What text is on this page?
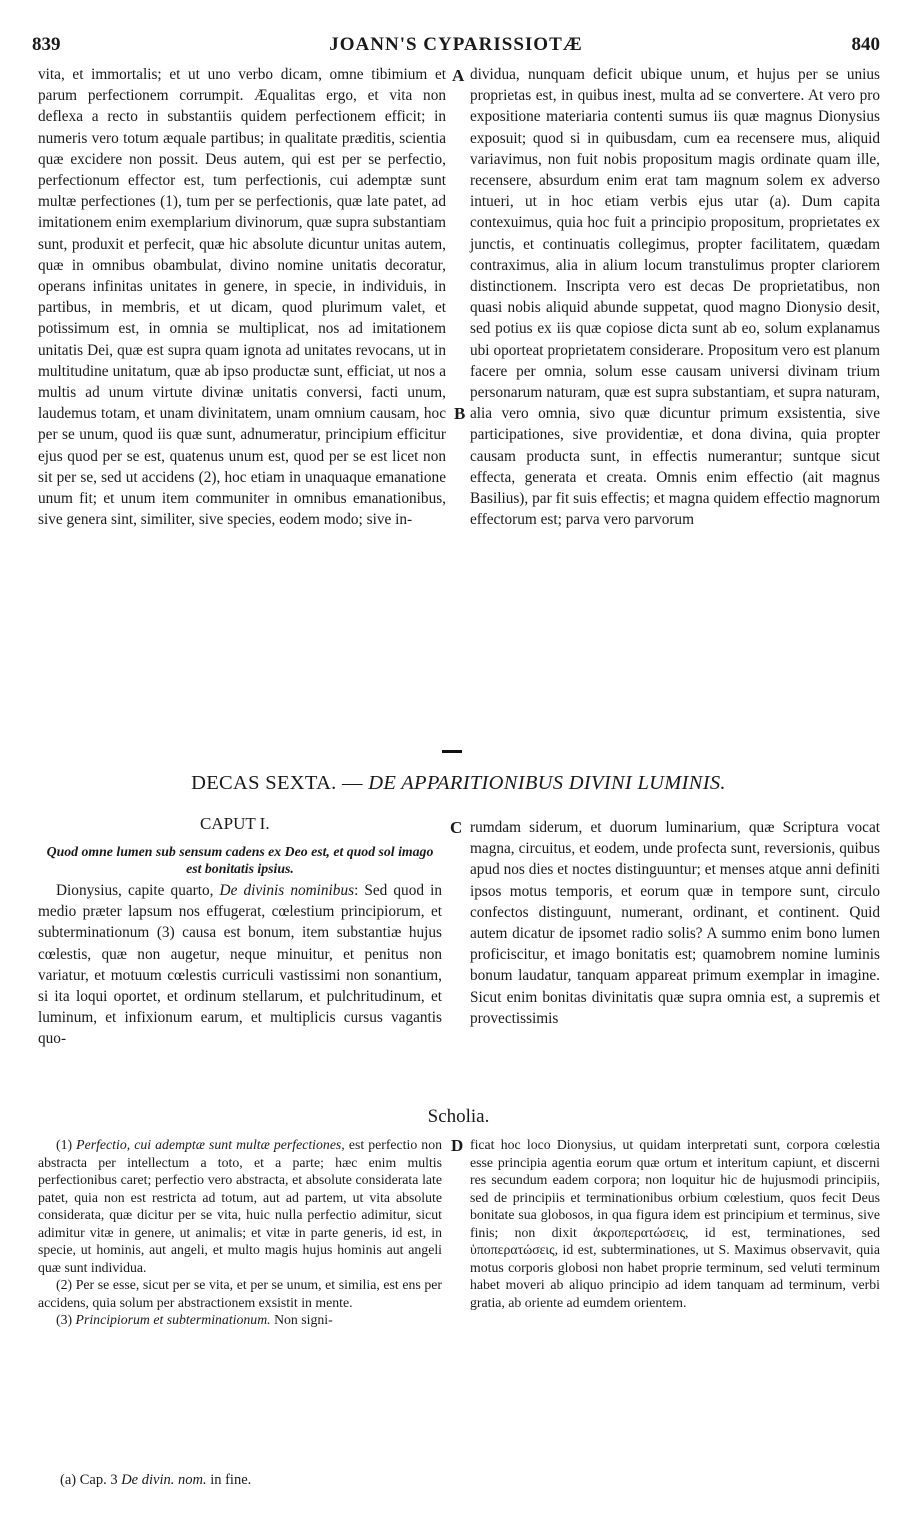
839	JOANN'S CYPARISSIOTÆ	840

vita, et immortalis; et ut uno verbo dicam, omne tibimium et parum perfectionem corrumpit. Æqualitas ergo, et vita non deflexa a recto in substantiis quidem perfectionem efficit; in numeris vero totum æquale partibus; in qualitate præditis, scientia quæ excidere non possit. Deus autem, qui est per se perfectio, perfectionum effector est, tum perfectionis, cui ademptæ sunt multæ perfectiones (1), tum per se perfectionis, quæ late patet, ad imitationem enim exemplarium divinorum, quæ supra substantiam sunt, produxit et perfecit, quæ hic absolute dicuntur unitas autem, quæ in omnibus obambulat, divino nomine unitatis decoratur, operans infinitas unitates in genere, in specie, in individuis, in partibus, in membris, et ut dicam, quod plurimum valet, et potissimum est, in omnia se multiplicat, nos ad imitationem unitatis Dei, quæ est supra quam ignota ad unitates revocans, ut in multitudine unitatum, quæ ab ipso productæ sunt, efficiat, ut nos a multis ad unum virtute divinæ unitatis conversi, facti unum, laudemus totam, et unam divinitatem, unam omnium causam, hoc per se unum, quod iis quæ sunt, adnumeratur, principium efficitur ejus quod per se est, quatenus unum est, quod per se est licet non sit per se, sed ut accidens (2), hoc etiam in unaquaque emanatione unum fit; et unum item communiter in omnibus emanationibus, sive genera sint, similiter, sive species, eodem modo; sive in-

A
B

dividua, nunquam deficit ubique unum, et hujus per se unius proprietas est, in quibus inest, multa ad se convertere. At vero pro expositione materiaria contenti sumus iis quæ magnus Dionysius exposuit; quod si in quibusdam, cum ea recensere mus, aliquid variavimus, non fuit nobis propositum magis ordinate quam ille, recensere, absurdum enim erat tam magnum solem ex adverso intueri, ut in hoc etiam verbis ejus utar (a). Dum capita contexuimus, quia hoc fuit a principio propositum, proprietates ex junctis, et continuatis collegimus, propter facilitatem, quædam contraximus, alia in alium locum transtulimus propter clariorem distinctionem. Inscripta vero est decas De proprietatibus, non quasi nobis aliquid abunde suppetat, quod magno Dionysio desit, sed potius ex iis quæ copiose dicta sunt ab eo, solum explanamus ubi oporteat proprietatem considerare. Propositum vero est planum facere per omnia, solum esse causam universi divinam trium personarum naturam, quæ est supra substantiam, et supra naturam, alia vero omnia, sivo quæ dicuntur primum exsistentia, sive participationes, sive providentiæ, et dona divina, quia propter causam producta sunt, in effectis numerantur; suntque sicut effecta, generata et creata. Omnis enim effectio (ait magnus Basilius), par fit suis effectis; et magna quidem effectio magnorum effectorum est; parva vero parvorum

DECAS SEXTA. — DE APPARITIONIBUS DIVINI LUMINIS.
CAPUT I.
Quod omne lumen sub sensum cadens ex Deo est, et quod sol imago est bonitatis ipsius.

Dionysius, capite quarto, De divinis nominibus: Sed quod in medio præter lapsum nos effugerat, cœlestium principiorum, et subterminationum (3) causa est bonum, item substantiæ hujus cœlestis, quæ non augetur, neque minuitur, et penitus non variatur, et motuum cœlestis curriculi vastissimi non sonantium, si ita loqui oportet, et ordinum stellarum, et pulchritudinum, et luminum, et infixionum earum, et multiplicis cursus vagantis quo-

C rumdam siderum, et duorum luminarium, quæ Scriptura vocat magna, circuitus, et eodem, unde profecta sunt, reversionis, quibus apud nos dies et noctes distinguuntur; et menses atque anni definiti ipsos motus temporis, et eorum quæ in tempore sunt, circulo confectos distinguunt, numerant, ordinant, et continent. Quid autem dicatur de ipsomet radio solis? A summo enim bono lumen proficiscitur, et imago bonitatis est; quamobrem nomine luminis bonum laudatur, tanquam appareat primum exemplar in imagine. Sicut enim bonitas divinitatis quæ supra omnia est, a supremis et provectissimis

Scholia.

(1) Perfectio, cui ademptæ sunt multæ perfectiones, est perfectio non abstracta per intellectum a toto, et a parte; hæc enim multis perfectionibus caret; perfectio vero abstracta, et absolute considerata late patet, quia non est restricta ad totum, aut ad partem, ut vita absolute considerata, quæ dicitur per se vita, huic nulla perfectio adimitur, sicut adimitur vitæ in genere, ut animalis; et vitæ in parte generis, id est, in specie, ut hominis, aut angeli, et multo magis hujus hominis aut angeli quæ sunt individua.

(2) Per se esse, sicut per se vita, et per se unum, et similia, est ens per accidens, quia solum per abstractionem exsistit in mente.

(3) Principiorum et subterminationum. Non signi-

D ficat hoc loco Dionysius, ut quidam interpretati sunt, corpora cœlestia esse principia agentia eorum quæ ortum et interitum capiunt, et discerni res secundum eadem corpora; non loquitur hic de hujusmodi principiis, sed de principiis et terminationibus orbium cœlestium, quos fecit Deus bonitate sua globosos, in qua figura idem est principium et terminus, sive finis; non dixit ἀκροπερατώσεις, id est, terminationes, sed ὑποπερατώσεις, id est, subterminationes, ut S. Maximus observavit, quia motus corporis globosi non habet proprie terminum, sed veluti terminum habet moveri ab aliquo principio ad idem tanquam ad terminum, verbi gratia, ab oriente ad eumdem orientem.

(a) Cap. 3 De divin. nom. in fine.
